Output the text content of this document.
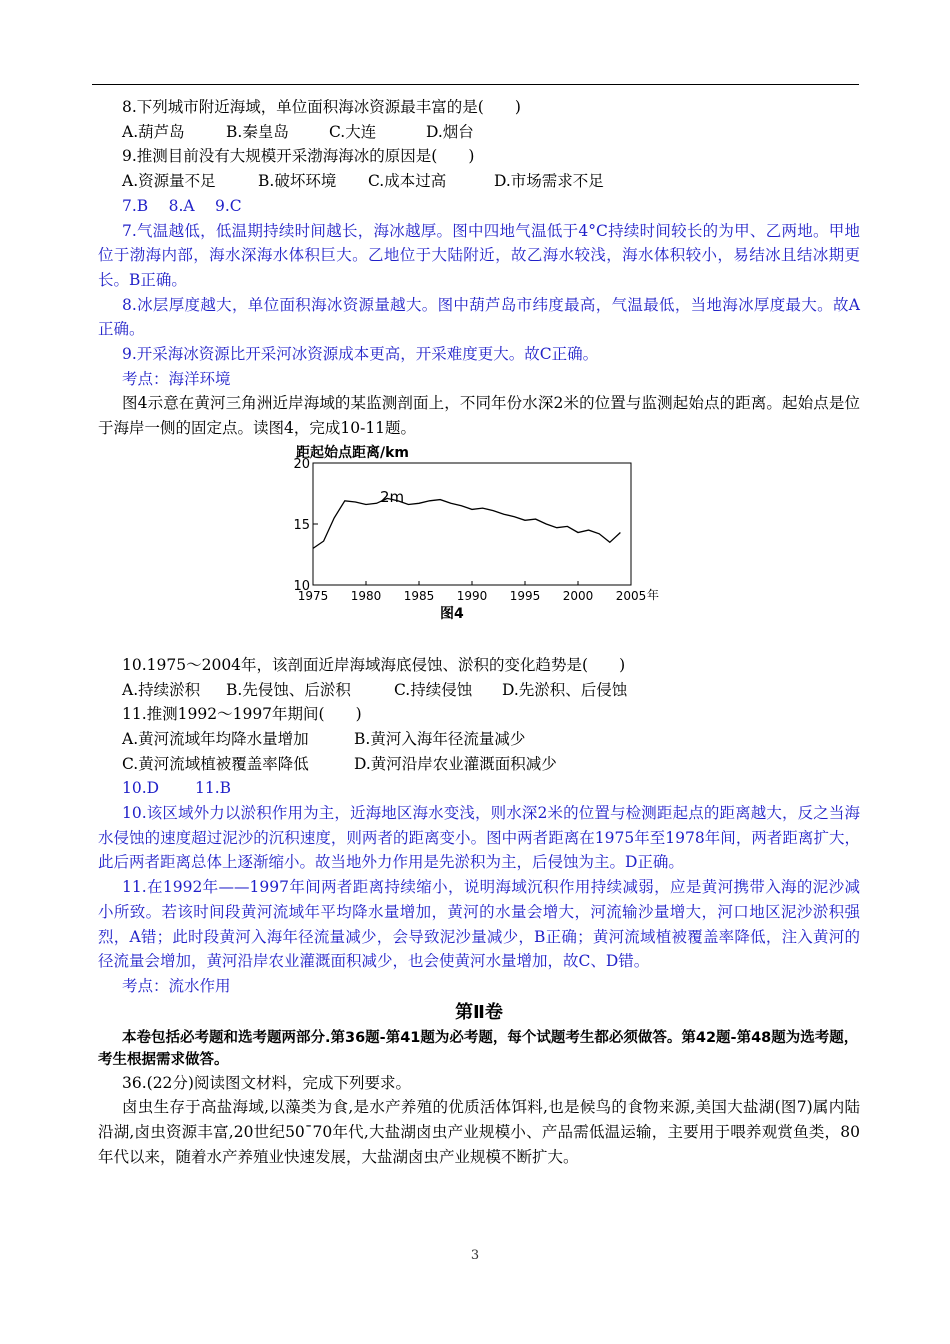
8.下列城市附近海域，单位面积海冰资源最丰富的是(　　)
A.葫芦岛	B.秦皇岛	C.大连	D.烟台
9.推测目前没有大规模开采渤海海冰的原因是(　　)
A.资源量不足	B.破坏环境 C.成本过高	D.市场需求不足
7.B　 8.A　 9.C
7.气温越低，低温期持续时间越长，海冰越厚。图中四地气温低于4°C持续时间较长的为甲、乙两地。甲地位于渤海内部，海水深海水体积巨大。乙地位于大陆附近，故乙海水较浅，海水体积较小，易结冰且结冰期更长。B正确。
8.冰层厚度越大，单位面积海冰资源量越大。图中葫芦岛市纬度最高，气温最低，当地海冰厚度最大。故A正确。
9.开采海冰资源比开采河冰资源成本更高，开采难度更大。故C正确。
考点：海洋环境
图4示意在黄河三角洲近岸海域的某监测剖面上，不同年份水深2米的位置与监测起始点的距离。起始点是位于海岸一侧的固定点。读图4，完成10-11题。
距起始点距离/km
20
15
10
1975 1980 1985 1990 1995 2000 2005
2m
年
图4
10.1975～2004年，该剖面近岸海域海底侵蚀、淤积的变化趋势是(　　)
A.持续淤积 B.先侵蚀、后淤积	C.持续侵蚀 D.先淤积、后侵蚀
11.推测1992～1997年期间(　　)
A.黄河流域年均降水量增加	B.黄河入海年径流量减少
C.黄河流域植被覆盖率降低	D.黄河沿岸农业灌溉面积减少
10.D　　 11.B
10.该区域外力以淤积作用为主，近海地区海水变浅，则水深2米的位置与检测距起点的距离越大，反之当海水侵蚀的速度超过泥沙的沉积速度，则两者的距离变小。图中两者距离在1975年至1978年间，两者距离扩大，此后两者距离总体上逐渐缩小。故当地外力作用是先淤积为主，后侵蚀为主。D正确。
11.在1992年——1997年间两者距离持续缩小，说明海域沉积作用持续减弱，应是黄河携带入海的泥沙减小所致。若该时间段黄河流域年平均降水量增加，黄河的水量会增大，河流输沙量增大，河口地区泥沙淤积强烈，A错；此时段黄河入海年径流量减少，会导致泥沙量减少，B正确；黄河流域植被覆盖率降低，注入黄河的径流量会增加，黄河沿岸农业灌溉面积减少，也会使黄河水量增加，故C、D错。
考点：流水作用
第Ⅱ卷
本卷包括必考题和选考题两部分.第36题-第41题为必考题，每个试题考生都必须做答。第42题-第48题为选考题，考生根据需求做答。
36.(22分)阅读图文材料，完成下列要求。
卤虫生存于高盐海域,以藻类为食,是水产养殖的优质活体饵料,也是候鸟的食物来源,美国大盐湖(图7)属内陆沿湖,卤虫资源丰富,20世纪50¯70年代,大盐湖卤虫产业规模小、产品需低温运输，主要用于喂养观赏鱼类，80年代以来，随着水产养殖业快速发展，大盐湖卤虫产业规模不断扩大。
3
